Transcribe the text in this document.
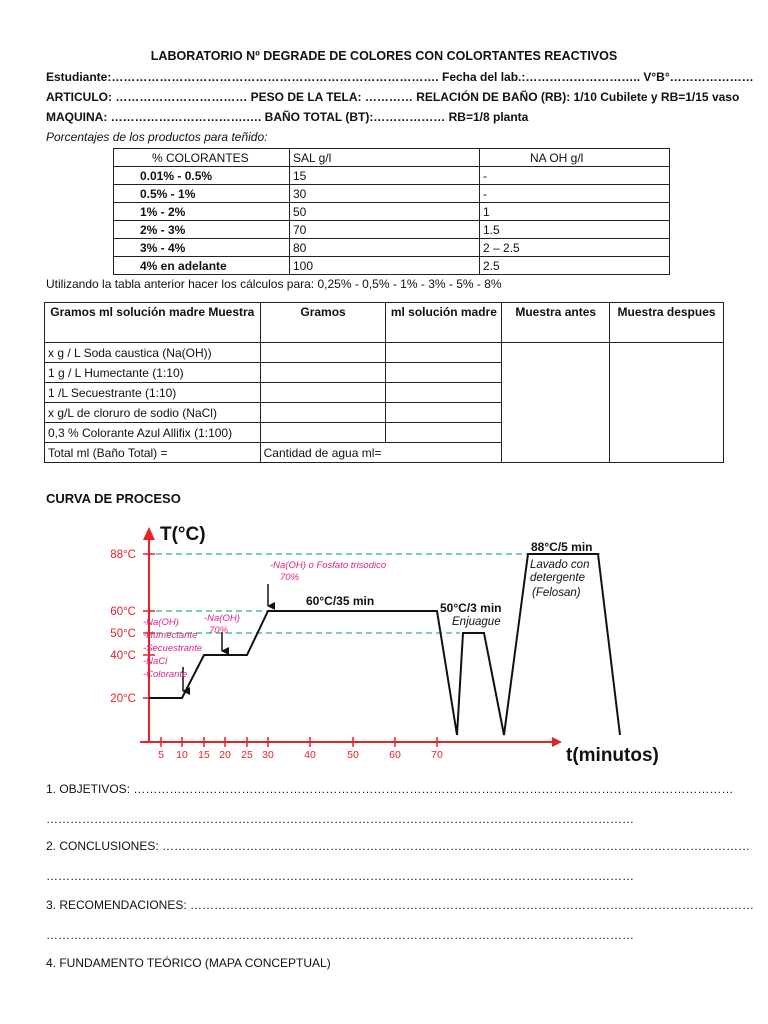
LABORATORIO Nº DEGRADE DE COLORES CON COLORTANTES REACTIVOS
Estudiante:………………………………………………………………………. Fecha del lab.:……………………….. V°B°…………………
ARTICULO: …………………………… PESO DE LA TELA: ………… RELACIÓN DE BAÑO (RB): 1/10 Cubilete y RB=1/15 vaso
MAQUINA: …………………………….…. BAÑO TOTAL (BT):……………… RB=1/8 planta
Porcentajes de los productos para teñido:
% COLORANTES	SAL g/l	NA OH g/l
0.01% - 0.5%	15	-
0.5% - 1%	30	-
1% - 2%	50	1
2% - 3%	70	1.5
3% - 4%	80	2 – 2.5
4% en adelante	100	2.5
Utilizando la tabla anterior hacer los cálculos para: 0,25% - 0,5% - 1% - 3% - 5% - 8%
Gramos ml solución madre Muestra	Gramos	ml solución madre	Muestra antes	Muestra despues
x g / L Soda caustica (Na(OH))				
1 g / L Humectante (1:10)				
1 /L Secuestrante (1:10)				
x g/L de cloruro de sodio (NaCl)				
0,3 % Colorante Azul Allifix (1:100)				
Total ml (Baño Total) =	Cantidad de agua ml=			
CURVA DE PROCESO
88°C
60°C
50°C
40°C
20°C
5 10 15 20 25 30	40	50	60	70
T(°C)
t(minutos)
-Na(OH)
-Humectante
-Secuestrante
-NaCl
-Colorante
-Na(OH)
70%
-Na(OH) o Fosfato trisodico
70%
60°C/35 min	50°C/3 min
Enjuague
88°C/5 min
Lavado con
detergente
(Felosan)
1. OBJETIVOS: ……………………………………………………………………………………………………………………………………
…………………………………………………………………………………………………………………………………
2. CONCLUSIONES: …………………………………………………………………………………………………………………………………
…………………………………………………………………………………………………………………………………
3. RECOMENDACIONES: ……………………………………………………………………………………………………………………………
…………………………………………………………………………………………………………………………………
4. FUNDAMENTO TEÓRICO (MAPA CONCEPTUAL)
